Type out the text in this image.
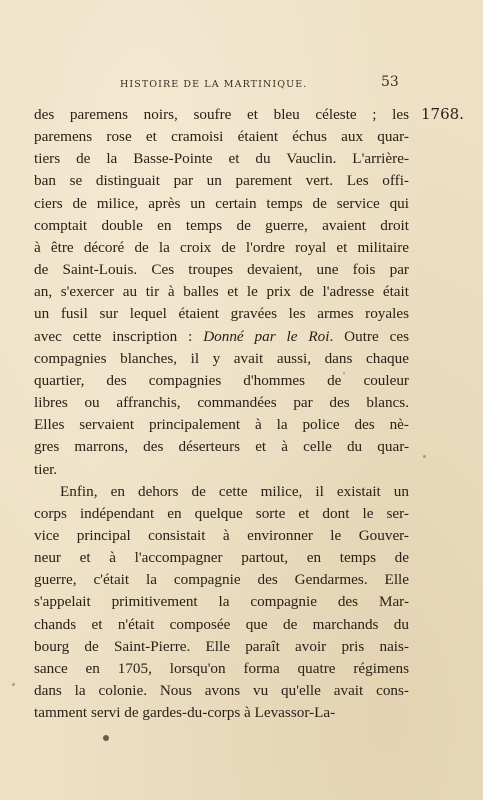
HISTOIRE DE LA MARTINIQUE.	53
1768.
des paremens noirs, soufre et bleu céleste ; les
paremens rose et cramoisi étaient échus aux quar-
tiers de la Basse-Pointe et du Vauclin. L'arrière-
ban se distinguait par un parement vert. Les offi-
ciers de milice, après un certain temps de service qui
comptait double en temps de guerre, avaient droit
à être décoré de la croix de l'ordre royal et militaire
de Saint-Louis. Ces troupes devaient, une fois par
an, s'exercer au tir à balles et le prix de l'adresse était
un fusil sur lequel étaient gravées les armes royales
avec cette inscription : Donné par le Roi. Outre ces
compagnies blanches, il y avait aussi, dans chaque
quartier, des compagnies d'hommes de couleur
libres ou affranchis, commandées par des blancs.
Elles servaient principalement à la police des nè-
gres marrons, des déserteurs et à celle du quar-
tier.
Enfin, en dehors de cette milice, il existait un
corps indépendant en quelque sorte et dont le ser-
vice principal consistait à environner le Gouver-
neur et à l'accompagner partout, en temps de
guerre, c'était la compagnie des Gendarmes. Elle
s'appelait primitivement la compagnie des Mar-
chands et n'était composée que de marchands du
bourg de Saint-Pierre. Elle paraît avoir pris nais-
sance en 1705, lorsqu'on forma quatre régimens
dans la colonie. Nous avons vu qu'elle avait cons-
tamment servi de gardes-du-corps à Levassor-La-
